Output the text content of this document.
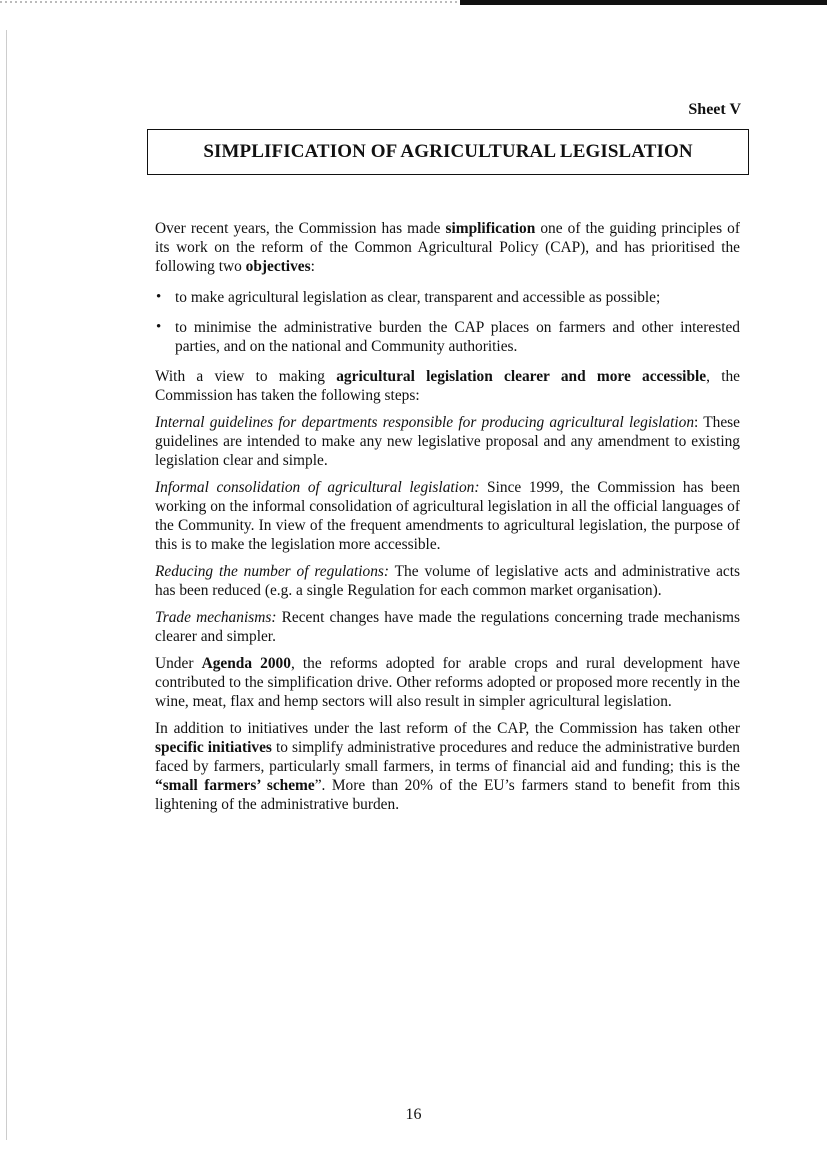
Sheet V
SIMPLIFICATION OF AGRICULTURAL LEGISLATION

Over recent years, the Commission has made simplification one of the guiding principles of its work on the reform of the Common Agricultural Policy (CAP), and has prioritised the following two objectives:

• to make agricultural legislation as clear, transparent and accessible as possible;
• to minimise the administrative burden the CAP places on farmers and other interested parties, and on the national and Community authorities.

With a view to making agricultural legislation clearer and more accessible, the Commission has taken the following steps:

Internal guidelines for departments responsible for producing agricultural legislation: These guidelines are intended to make any new legislative proposal and any amendment to existing legislation clear and simple.

Informal consolidation of agricultural legislation: Since 1999, the Commission has been working on the informal consolidation of agricultural legislation in all the official languages of the Community. In view of the frequent amendments to agricultural legislation, the purpose of this is to make the legislation more accessible.

Reducing the number of regulations: The volume of legislative acts and administrative acts has been reduced (e.g. a single Regulation for each common market organisation).

Trade mechanisms: Recent changes have made the regulations concerning trade mechanisms clearer and simpler.

Under Agenda 2000, the reforms adopted for arable crops and rural development have contributed to the simplification drive. Other reforms adopted or proposed more recently in the wine, meat, flax and hemp sectors will also result in simpler agricultural legislation.

In addition to initiatives under the last reform of the CAP, the Commission has taken other specific initiatives to simplify administrative procedures and reduce the administrative burden faced by farmers, particularly small farmers, in terms of financial aid and funding; this is the “small farmers’ scheme”. More than 20% of the EU’s farmers stand to benefit from this lightening of the administrative burden.

16
